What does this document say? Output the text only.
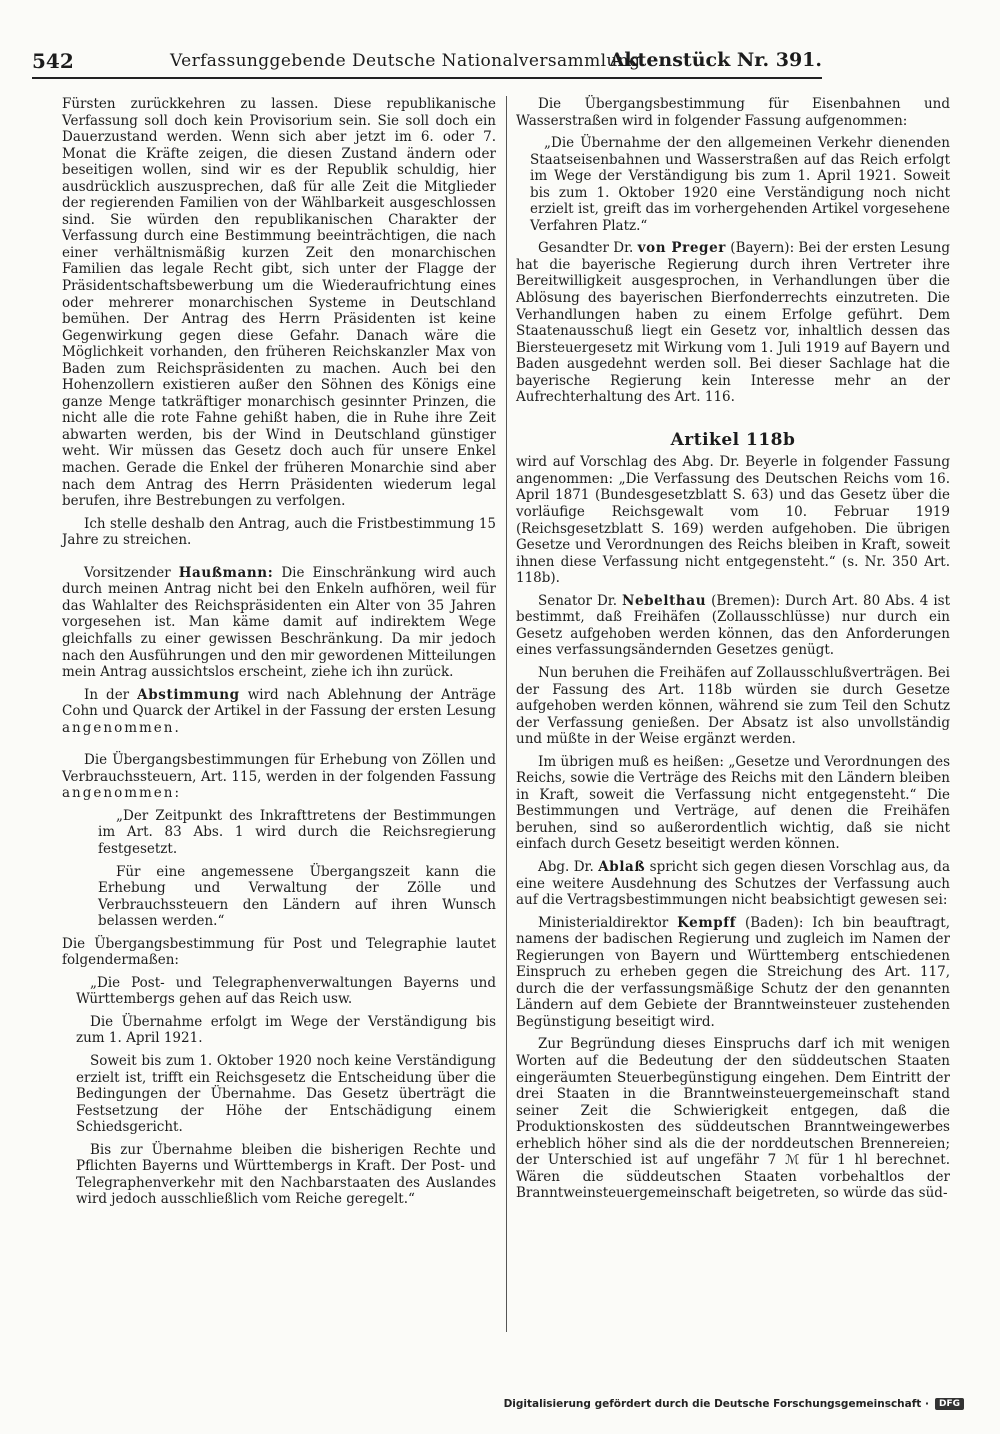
542	Verfassunggebende Deutsche Nationalversammlung.
Aktenstück Nr. 391.

Fürsten zurückkehren zu lassen. Diese republikanische Verfassung soll doch kein Provisorium sein. Sie soll doch ein Dauerzustand werden. Wenn sich aber jetzt im 6. oder 7. Monat die Kräfte zeigen, die diesen Zustand ändern oder beseitigen wollen, sind wir es der Republik schuldig, hier ausdrücklich auszusprechen, daß für alle Zeit die Mitglieder der regierenden Familien von der Wählbarkeit ausgeschlossen sind. Sie würden den republikanischen Charakter der Verfassung durch eine Bestimmung beeinträchtigen, die nach einer verhältnismäßig kurzen Zeit den monarchischen Familien das legale Recht gibt, sich unter der Flagge der Präsidentschaftsbewerbung um die Wiederaufrichtung eines oder mehrerer monarchischen Systeme in Deutschland bemühen. Der Antrag des Herrn Präsidenten ist keine Gegenwirkung gegen diese Gefahr. Danach wäre die Möglichkeit vorhanden, den früheren Reichskanzler Max von Baden zum Reichspräsidenten zu machen. Auch bei den Hohenzollern existieren außer den Söhnen des Königs eine ganze Menge tatkräftiger monarchisch gesinnter Prinzen, die nicht alle die rote Fahne gehißt haben, die in Ruhe ihre Zeit abwarten werden, bis der Wind in Deutschland günstiger weht. Wir müssen das Gesetz doch auch für unsere Enkel machen. Gerade die Enkel der früheren Monarchie sind aber nach dem Antrag des Herrn Präsidenten wiederum legal berufen, ihre Bestrebungen zu verfolgen.

Ich stelle deshalb den Antrag, auch die Fristbestimmung 15 Jahre zu streichen.

Vorsitzender Haußmann: Die Einschränkung wird auch durch meinen Antrag nicht bei den Enkeln aufhören, weil für das Wahlalter des Reichspräsidenten ein Alter von 35 Jahren vorgesehen ist. Man käme damit auf indirektem Wege gleichfalls zu einer gewissen Beschränkung. Da mir jedoch nach den Ausführungen und den mir gewordenen Mitteilungen mein Antrag aussichtslos erscheint, ziehe ich ihn zurück.

In der Abstimmung wird nach Ablehnung der Anträge Cohn und Quarck der Artikel in der Fassung der ersten Lesung angenommen.

Die Übergangsbestimmungen für Erhebung von Zöllen und Verbrauchssteuern, Art. 115, werden in der folgenden Fassung angenommen:

„Der Zeitpunkt des Inkrafttretens der Bestimmungen im Art. 83 Abs. 1 wird durch die Reichsregierung festgesetzt.

Für eine angemessene Übergangszeit kann die Erhebung und Verwaltung der Zölle und Verbrauchssteuern den Ländern auf ihren Wunsch belassen werden.“

Die Übergangsbestimmung für Post und Telegraphie lautet folgendermaßen:

„Die Post- und Telegraphenverwaltungen Bayerns und Württembergs gehen auf das Reich usw.

Die Übernahme erfolgt im Wege der Verständigung bis zum 1. April 1921.

Soweit bis zum 1. Oktober 1920 noch keine Verständigung erzielt ist, trifft ein Reichsgesetz die Entscheidung über die Bedingungen der Übernahme. Das Gesetz überträgt die Festsetzung der Höhe der Entschädigung einem Schiedsgericht.

Bis zur Übernahme bleiben die bisherigen Rechte und Pflichten Bayerns und Württembergs in Kraft. Der Post- und Telegraphenverkehr mit den Nachbarstaaten des Auslandes wird jedoch ausschließlich vom Reiche geregelt.“

Die Übergangsbestimmung für Eisenbahnen und Wasserstraßen wird in folgender Fassung aufgenommen:

„Die Übernahme der den allgemeinen Verkehr dienenden Staatseisenbahnen und Wasserstraßen auf das Reich erfolgt im Wege der Verständigung bis zum 1. April 1921. Soweit bis zum 1. Oktober 1920 eine Verständigung noch nicht erzielt ist, greift das im vorhergehenden Artikel vorgesehene Verfahren Platz.“

Gesandter Dr. von Preger (Bayern): Bei der ersten Lesung hat die bayerische Regierung durch ihren Vertreter ihre Bereitwilligkeit ausgesprochen, in Verhandlungen über die Ablösung des bayerischen Bierfonderrechts einzutreten. Die Verhandlungen haben zu einem Erfolge geführt. Dem Staatenausschuß liegt ein Gesetz vor, inhaltlich dessen das Biersteuergesetz mit Wirkung vom 1. Juli 1919 auf Bayern und Baden ausgedehnt werden soll. Bei dieser Sachlage hat die bayerische Regierung kein Interesse mehr an der Aufrechterhaltung des Art. 116.

Artikel 118b

wird auf Vorschlag des Abg. Dr. Beyerle in folgender Fassung angenommen: „Die Verfassung des Deutschen Reichs vom 16. April 1871 (Bundesgesetzblatt S. 63) und das Gesetz über die vorläufige Reichsgewalt vom 10. Februar 1919 (Reichsgesetzblatt S. 169) werden aufgehoben. Die übrigen Gesetze und Verordnungen des Reichs bleiben in Kraft, soweit ihnen diese Verfassung nicht entgegensteht.“ (s. Nr. 350 Art. 118b).

Senator Dr. Nebelthau (Bremen): Durch Art. 80 Abs. 4 ist bestimmt, daß Freihäfen (Zollausschlüsse) nur durch ein Gesetz aufgehoben werden können, das den Anforderungen eines verfassungsändernden Gesetzes genügt.

Nun beruhen die Freihäfen auf Zollausschlußverträgen. Bei der Fassung des Art. 118b würden sie durch Gesetze aufgehoben werden können, während sie zum Teil den Schutz der Verfassung genießen. Der Absatz ist also unvollständig und müßte in der Weise ergänzt werden.

Im übrigen muß es heißen: „Gesetze und Verordnungen des Reichs, sowie die Verträge des Reichs mit den Ländern bleiben in Kraft, soweit die Verfassung nicht entgegensteht.“ Die Bestimmungen und Verträge, auf denen die Freihäfen beruhen, sind so außerordentlich wichtig, daß sie nicht einfach durch Gesetz beseitigt werden können.

Abg. Dr. Ablaß spricht sich gegen diesen Vorschlag aus, da eine weitere Ausdehnung des Schutzes der Verfassung auch auf die Vertragsbestimmungen nicht beabsichtigt gewesen sei:

Ministerialdirektor Kempff (Baden): Ich bin beauftragt, namens der badischen Regierung und zugleich im Namen der Regierungen von Bayern und Württemberg entschiedenen Einspruch zu erheben gegen die Streichung des Art. 117, durch die der verfassungsmäßige Schutz der den genannten Ländern auf dem Gebiete der Branntweinsteuer zustehenden Begünstigung beseitigt wird.

Zur Begründung dieses Einspruchs darf ich mit wenigen Worten auf die Bedeutung der den süddeutschen Staaten eingeräumten Steuerbegünstigung eingehen. Dem Eintritt der drei Staaten in die Branntweinsteuergemeinschaft stand seiner Zeit die Schwierigkeit entgegen, daß die Produktionskosten des süddeutschen Branntweingewerbes erheblich höher sind als die der norddeutschen Brennereien; der Unterschied ist auf ungefähr 7 ℳ für 1 hl berechnet. Wären die süddeutschen Staaten vorbehaltlos der Branntweinsteuergemeinschaft beigetreten, so würde das süd-

Digitalisierung gefördert durch die Deutsche Forschungsgemeinschaft ·	DFG
